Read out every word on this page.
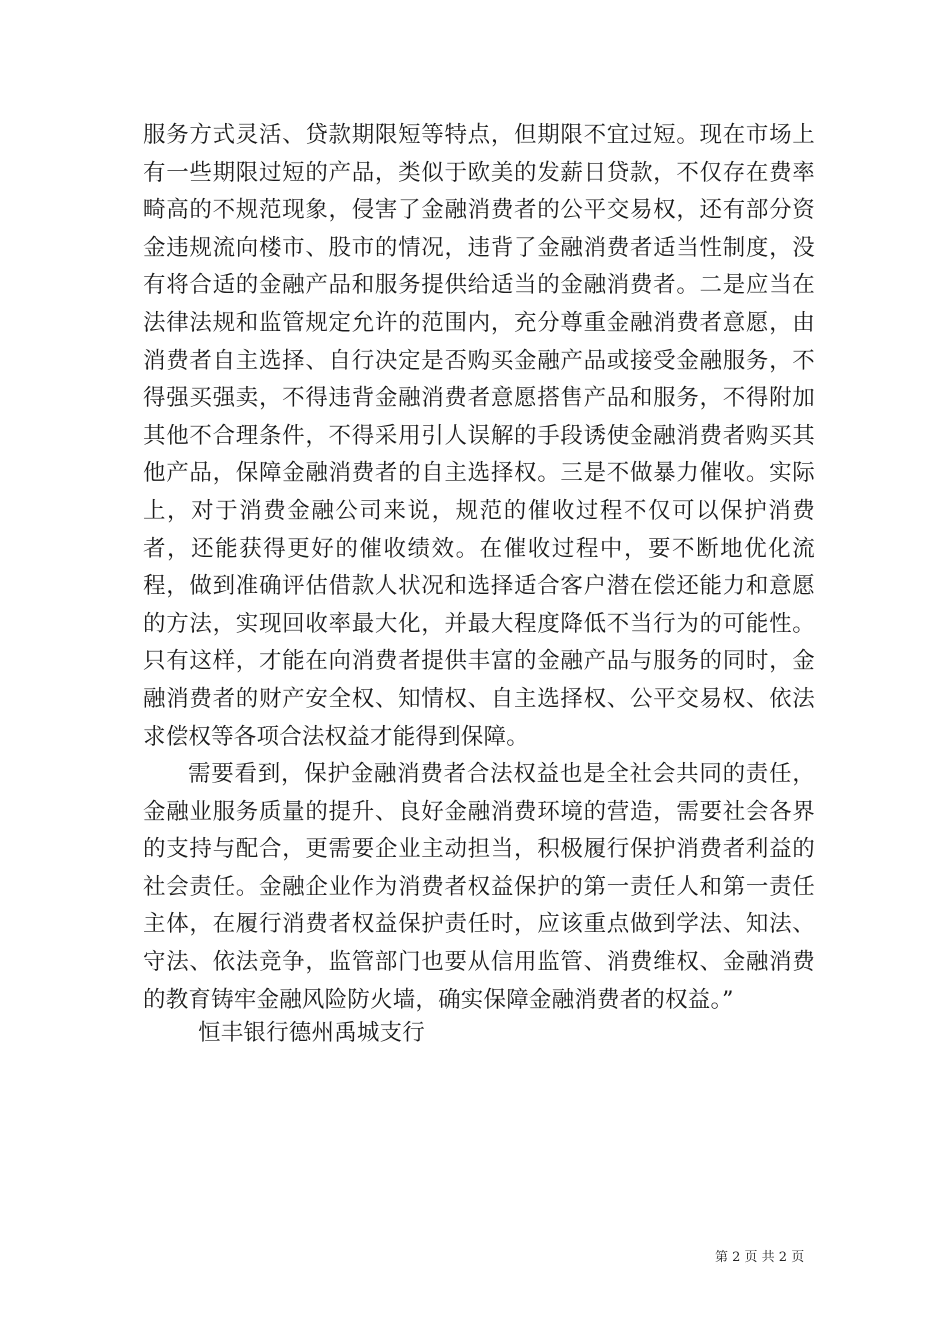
服务方式灵活、贷款期限短等特点，但期限不宜过短。现在市场上有一些期限过短的产品，类似于欧美的发薪日贷款，不仅存在费率畸高的不规范现象，侵害了金融消费者的公平交易权，还有部分资金违规流向楼市、股市的情况，违背了金融消费者适当性制度，没有将合适的金融产品和服务提供给适当的金融消费者。二是应当在法律法规和监管规定允许的范围内，充分尊重金融消费者意愿，由消费者自主选择、自行决定是否购买金融产品或接受金融服务，不得强买强卖，不得违背金融消费者意愿搭售产品和服务，不得附加其他不合理条件，不得采用引人误解的手段诱使金融消费者购买其他产品，保障金融消费者的自主选择权。三是不做暴力催收。实际上，对于消费金融公司来说，规范的催收过程不仅可以保护消费者，还能获得更好的催收绩效。在催收过程中，要不断地优化流程，做到准确评估借款人状况和选择适合客户潜在偿还能力和意愿的方法，实现回收率最大化，并最大程度降低不当行为的可能性。只有这样，才能在向消费者提供丰富的金融产品与服务的同时，金融消费者的财产安全权、知情权、自主选择权、公平交易权、依法求偿权等各项合法权益才能得到保障。

需要看到，保护金融消费者合法权益也是全社会共同的责任，金融业服务质量的提升、良好金融消费环境的营造，需要社会各界的支持与配合，更需要企业主动担当，积极履行保护消费者利益的社会责任。金融企业作为消费者权益保护的第一责任人和第一责任主体，在履行消费者权益保护责任时，应该重点做到学法、知法、守法、依法竞争，监管部门也要从信用监管、消费维权、金融消费的教育铸牢金融风险防火墙，确实保障金融消费者的权益。”

恒丰银行德州禹城支行
第 2 页 共 2 页
